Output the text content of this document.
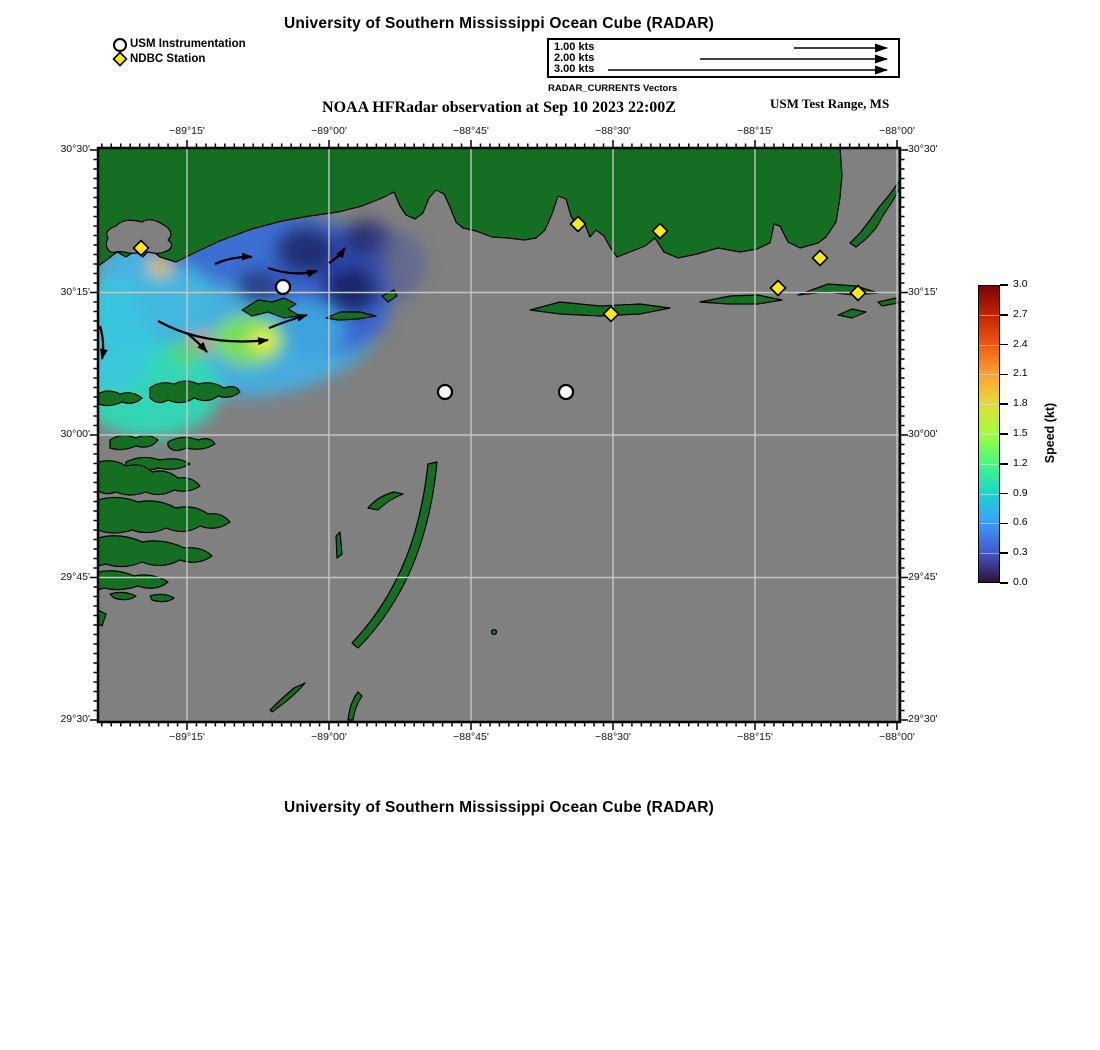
University of Southern Mississippi Ocean Cube (RADAR)
USM Instrumentation
NDBC Station
1.00 kts
2.00 kts
3.00 kts
RADAR_CURRENTS Vectors
NOAA HFRadar observation at Sep 10 2023 22:00Z	USM Test Range, MS
−89°15'
−89°15'
−89°00'
−89°00'
−88°45'
−88°45'
−88°30'
−88°30'
−88°15'
−88°15'
−88°00'
−88°00'
30°30'	30°30'
30°15'	30°15'
30°00'	30°00'
29°45'	29°45'
29°30'	29°30'
3.0
2.7
2.4
2.1
1.8
1.5
1.2
0.9
0.6
0.3
0.0
Speed (kt)
University of Southern Mississippi Ocean Cube (RADAR)
